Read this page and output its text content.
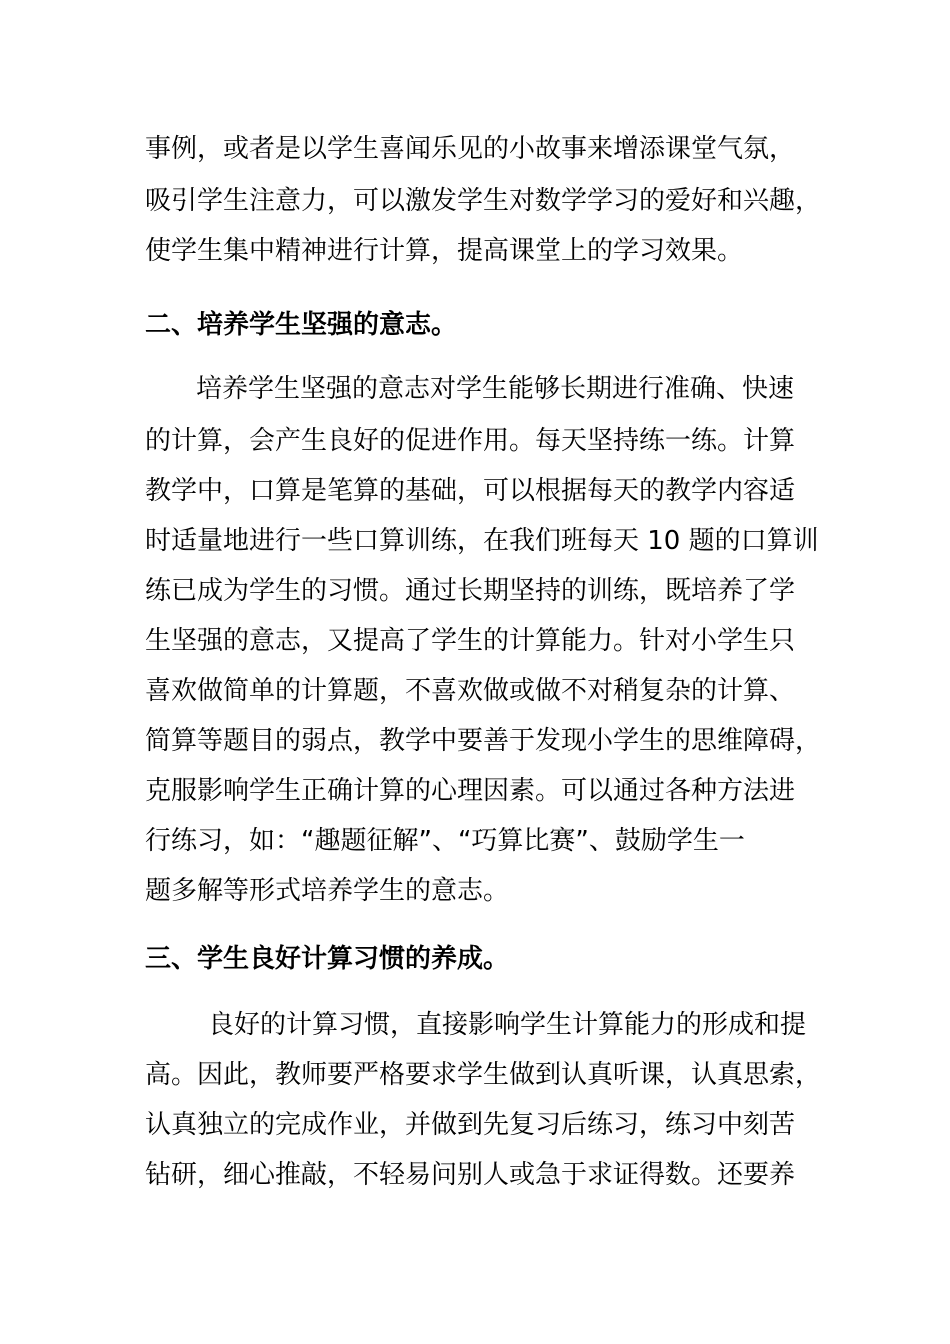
事例，或者是以学生喜闻乐见的小故事来增添课堂气氛，
吸引学生注意力，可以激发学生对数学学习的爱好和兴趣，
使学生集中精神进行计算，提高课堂上的学习效果。
二、培养学生坚强的意志。
培养学生坚强的意志对学生能够长期进行准确、快速
的计算，会产生良好的促进作用。每天坚持练一练。计算
教学中，口算是笔算的基础，可以根据每天的教学内容适
时适量地进行一些口算训练，在我们班每天 10 题的口算训
练已成为学生的习惯。通过长期坚持的训练，既培养了学
生坚强的意志，又提高了学生的计算能力。针对小学生只
喜欢做简单的计算题，不喜欢做或做不对稍复杂的计算、
简算等题目的弱点，教学中要善于发现小学生的思维障碍，
克服影响学生正确计算的心理因素。可以通过各种方法进
行练习，如：“趣题征解”、“巧算比赛”、鼓励学生一
题多解等形式培养学生的意志。
三、学生良好计算习惯的养成。
良好的计算习惯，直接影响学生计算能力的形成和提
高。因此，教师要严格要求学生做到认真听课，认真思索，
认真独立的完成作业，并做到先复习后练习，练习中刻苦
钻研，细心推敲，不轻易问别人或急于求证得数。还要养
